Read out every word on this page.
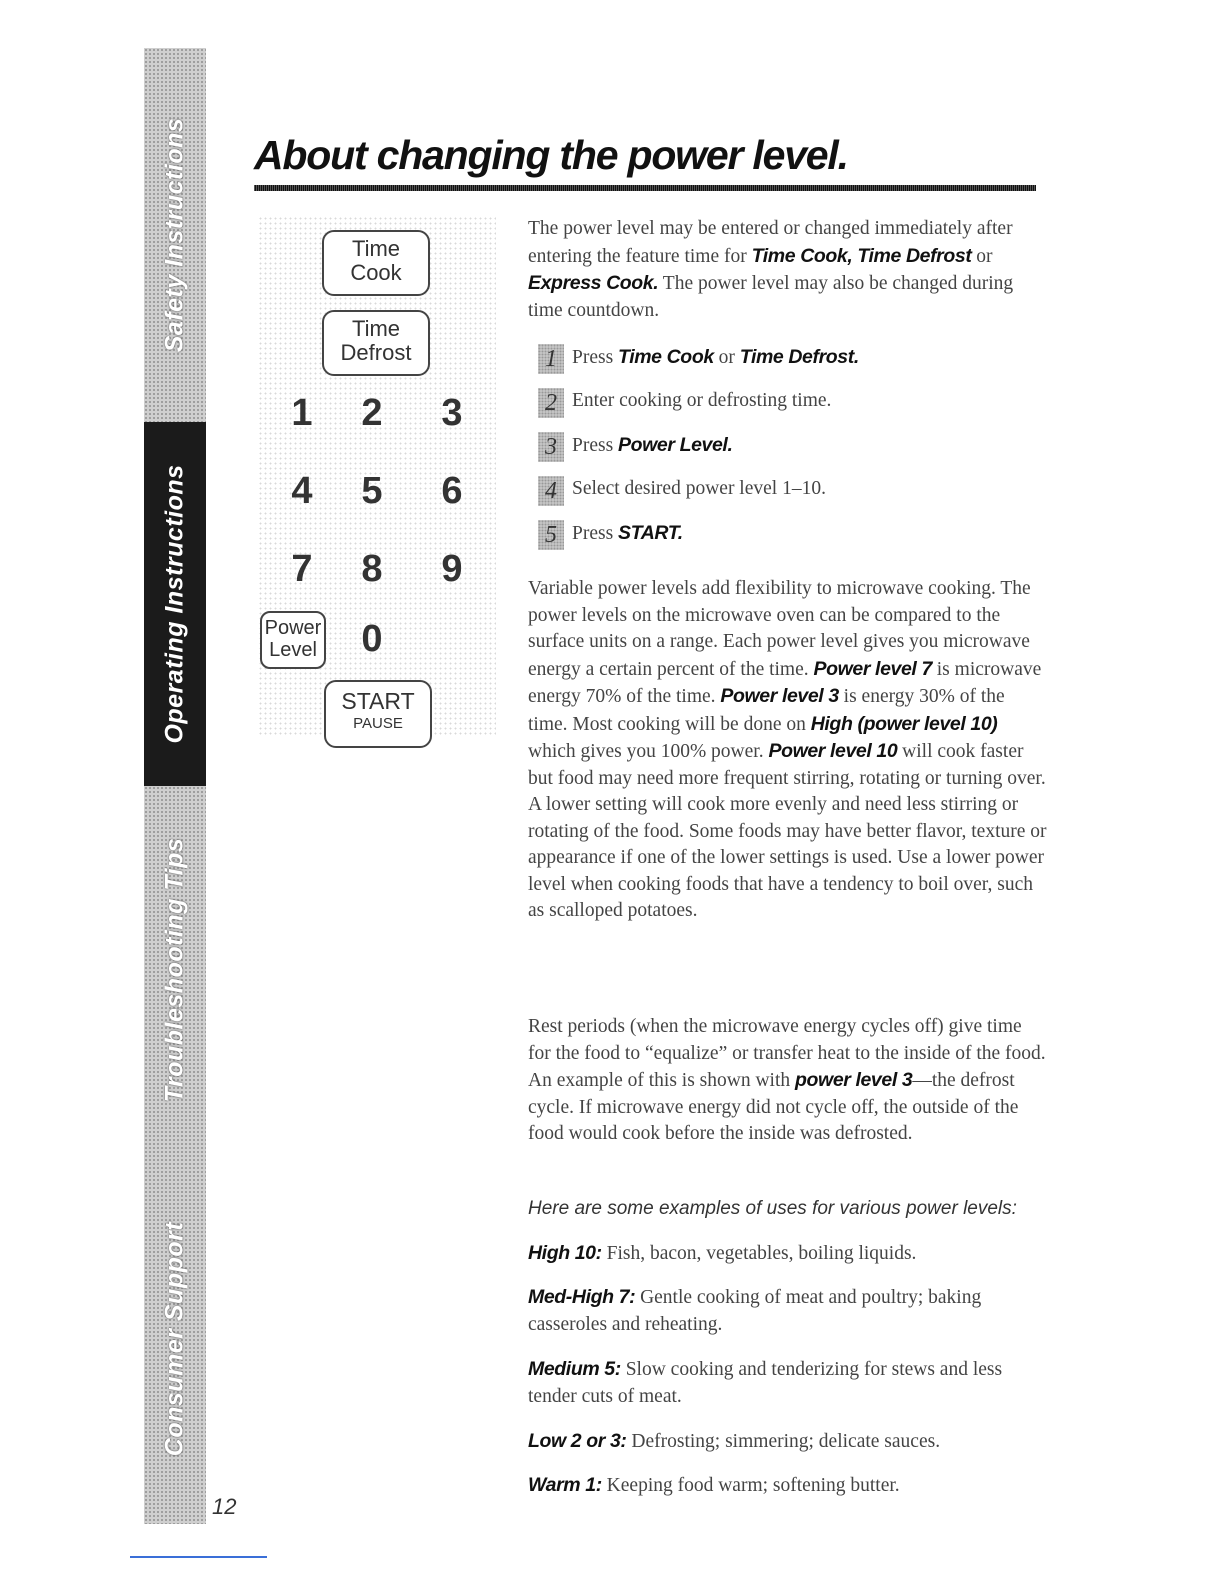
Safety Instructions
Operating Instructions
Troubleshooting Tips
Consumer Support
12
About changing the power level.
Time
Cook
Time
Defrost
1 2 3
4 5 6
7 8 9
Power
Level 0
START
PAUSE

The power level may be entered or changed immediately after entering the feature time for Time Cook, Time Defrost or Express Cook. The power level may also be changed during time countdown.

1 Press Time Cook or Time Defrost.
2 Enter cooking or defrosting time.
3 Press Power Level.
4 Select desired power level 1–10.
5 Press START.

Variable power levels add flexibility to microwave cooking. The power levels on the microwave oven can be compared to the surface units on a range. Each power level gives you microwave energy a certain percent of the time. Power level 7 is microwave energy 70% of the time. Power level 3 is energy 30% of the time. Most cooking will be done on High (power level 10) which gives you 100% power. Power level 10 will cook faster but food may need more frequent stirring, rotating or turning over. A lower setting will cook more evenly and need less stirring or rotating of the food. Some foods may have better flavor, texture or appearance if one of the lower settings is used. Use a lower power level when cooking foods that have a tendency to boil over, such as scalloped potatoes.

Rest periods (when the microwave energy cycles off) give time for the food to “equalize” or transfer heat to the inside of the food. An example of this is shown with power level 3—the defrost cycle. If microwave energy did not cycle off, the outside of the food would cook before the inside was defrosted.

Here are some examples of uses for various power levels:
High 10: Fish, bacon, vegetables, boiling liquids.
Med-High 7: Gentle cooking of meat and poultry; baking casseroles and reheating.
Medium 5: Slow cooking and tenderizing for stews and less tender cuts of meat.
Low 2 or 3: Defrosting; simmering; delicate sauces.
Warm 1: Keeping food warm; softening butter.
